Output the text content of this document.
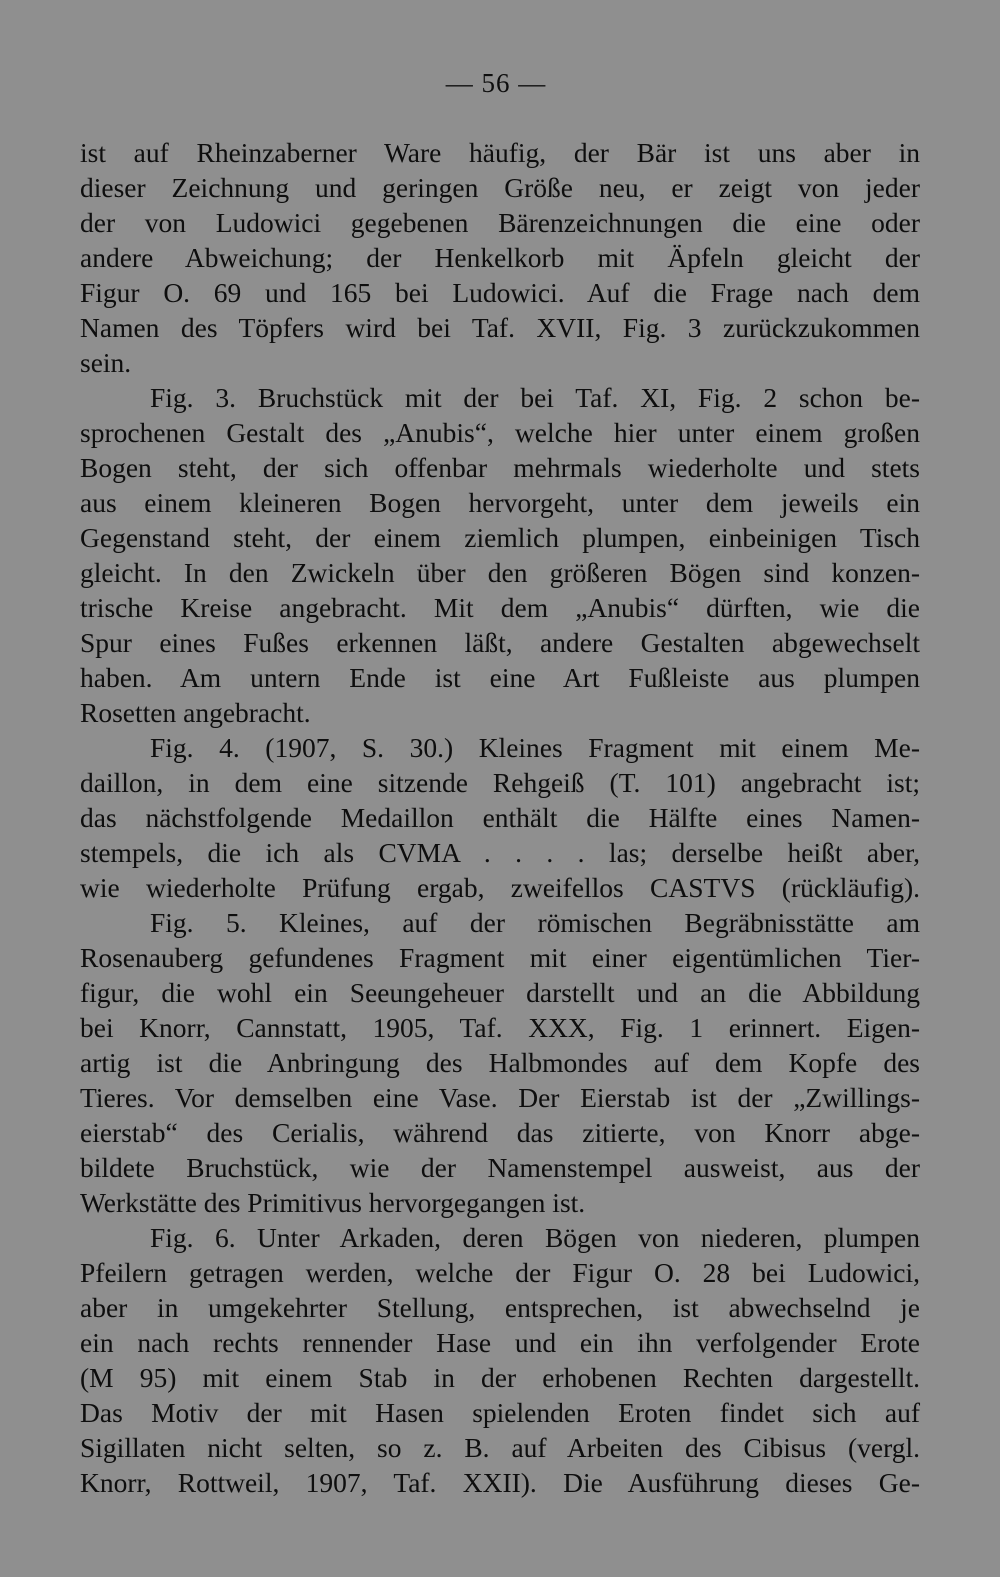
— 56 —
ist auf Rheinzaberner Ware häufig, der Bär ist uns aber in
dieser Zeichnung und geringen Größe neu, er zeigt von jeder
der von Ludowici gegebenen Bärenzeichnungen die eine oder
andere Abweichung; der Henkelkorb mit Äpfeln gleicht der
Figur O. 69 und 165 bei Ludowici. Auf die Frage nach dem
Namen des Töpfers wird bei Taf. XVII, Fig. 3 zurückzukommen
sein.
Fig. 3. Bruchstück mit der bei Taf. XI, Fig. 2 schon be-
sprochenen Gestalt des „Anubis“, welche hier unter einem großen
Bogen steht, der sich offenbar mehrmals wiederholte und stets
aus einem kleineren Bogen hervorgeht, unter dem jeweils ein
Gegenstand steht, der einem ziemlich plumpen, einbeinigen Tisch
gleicht. In den Zwickeln über den größeren Bögen sind konzen-
trische Kreise angebracht. Mit dem „Anubis“ dürften, wie die
Spur eines Fußes erkennen läßt, andere Gestalten abgewechselt
haben. Am untern Ende ist eine Art Fußleiste aus plumpen
Rosetten angebracht.
Fig. 4. (1907, S. 30.) Kleines Fragment mit einem Me-
daillon, in dem eine sitzende Rehgeiß (T. 101) angebracht ist;
das nächstfolgende Medaillon enthält die Hälfte eines Namen-
stempels, die ich als CVMA . . . . las; derselbe heißt aber,
wie wiederholte Prüfung ergab, zweifellos CASTVS (rückläufig).
Fig. 5. Kleines, auf der römischen Begräbnisstätte am
Rosenauberg gefundenes Fragment mit einer eigentümlichen Tier-
figur, die wohl ein Seeungeheuer darstellt und an die Abbildung
bei Knorr, Cannstatt, 1905, Taf. XXX, Fig. 1 erinnert. Eigen-
artig ist die Anbringung des Halbmondes auf dem Kopfe des
Tieres. Vor demselben eine Vase. Der Eierstab ist der „Zwillings-
eierstab“ des Cerialis, während das zitierte, von Knorr abge-
bildete Bruchstück, wie der Namenstempel ausweist, aus der
Werkstätte des Primitivus hervorgegangen ist.
Fig. 6. Unter Arkaden, deren Bögen von niederen, plumpen
Pfeilern getragen werden, welche der Figur O. 28 bei Ludowici,
aber in umgekehrter Stellung, entsprechen, ist abwechselnd je
ein nach rechts rennender Hase und ein ihn verfolgender Erote
(M 95) mit einem Stab in der erhobenen Rechten dargestellt.
Das Motiv der mit Hasen spielenden Eroten findet sich auf
Sigillaten nicht selten, so z. B. auf Arbeiten des Cibisus (vergl.
Knorr, Rottweil, 1907, Taf. XXII). Die Ausführung dieses Ge-
